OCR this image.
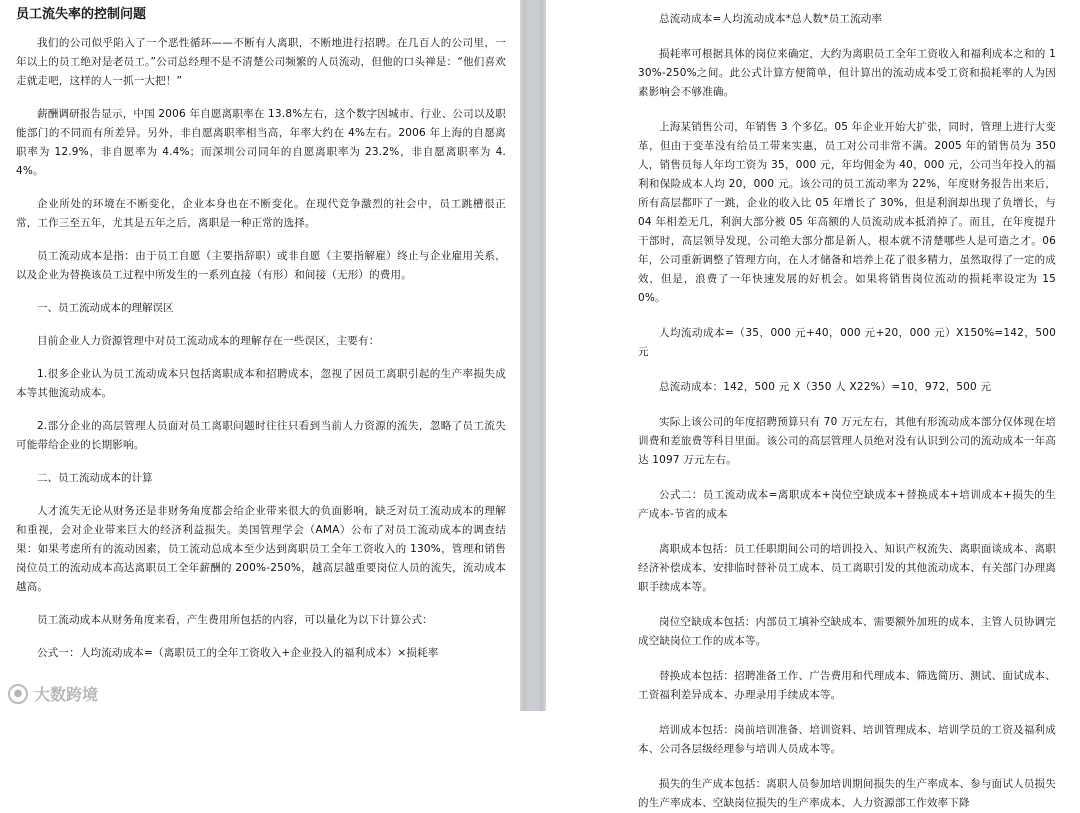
员工流失率的控制问题

我们的公司似乎陷入了一个恶性循环——不断有人离职，不断地进行招聘。在几百人的公司里，一年以上的员工绝对是老员工。”公司总经理不是不清楚公司频繁的人员流动，但他的口头禅是：“他们喜欢走就走吧，这样的人一抓一大把！”

薪酬调研报告显示，中国 2006 年自愿离职率在 13.8%左右，这个数字因城市、行业、公司以及职能部门的不同而有所差异。另外，非自愿离职率相当高，年率大约在 4%左右。2006 年上海的自愿离职率为 12.9%，非自愿率为 4.4%；而深圳公司同年的自愿离职率为 23.2%，非自愿离职率为 4.4%。

企业所处的环境在不断变化，企业本身也在不断变化。在现代竞争激烈的社会中，员工跳槽很正常，工作三至五年，尤其是五年之后，离职是一种正常的选择。

员工流动成本是指：由于员工自愿（主要指辞职）或非自愿（主要指解雇）终止与企业雇用关系，以及企业为替换该员工过程中所发生的一系列直接（有形）和间接（无形）的费用。

一、员工流动成本的理解误区

目前企业人力资源管理中对员工流动成本的理解存在一些误区，主要有：

1.很多企业认为员工流动成本只包括离职成本和招聘成本，忽视了因员工离职引起的生产率损失成本等其他流动成本。

2.部分企业的高层管理人员面对员工离职问题时往往只看到当前人力资源的流失，忽略了员工流失可能带给企业的长期影响。

二、员工流动成本的计算

人才流失无论从财务还是非财务角度都会给企业带来很大的负面影响，缺乏对员工流动成本的理解和重视，会对企业带来巨大的经济利益损失。美国管理学会（AMA）公布了对员工流动成本的调查结果：如果考虑所有的流动因素，员工流动总成本至少达到离职员工全年工资收入的 130%，管理和销售岗位员工的流动成本高达离职员工全年薪酬的 200%-250%，越高层越重要岗位人员的流失，流动成本越高。

员工流动成本从财务角度来看，产生费用所包括的内容，可以量化为以下计算公式：

公式一：人均流动成本=（离职员工的全年工资收入+企业投入的福利成本）×损耗率

总流动成本=人均流动成本*总人数*员工流动率

损耗率可根据具体的岗位来确定，大约为离职员工全年工资收入和福利成本之和的 130%-250%之间。此公式计算方便简单，但计算出的流动成本受工资和损耗率的人为因素影响会不够准确。

上海某销售公司，年销售 3 个多亿。05 年企业开始大扩张，同时，管理上进行大变革，但由于变革没有给员工带来实惠，员工对公司非常不满。2005 年的销售员为 350 人，销售员每人年均工资为 35，000 元，年均佣金为 40，000 元，公司当年投入的福利和保险成本人均 20，000 元。该公司的员工流动率为 22%，年度财务报告出来后，所有高层都吓了一跳，企业的收入比 05 年增长了 30%，但是利润却出现了负增长，与 04 年相差无几，利润大部分被 05 年高额的人员流动成本抵消掉了。而且，在年度提升干部时，高层领导发现，公司绝大部分都是新人，根本就不清楚哪些人是可造之才。06 年，公司重新调整了管理方向，在人才储备和培养上花了很多精力，虽然取得了一定的成效，但是，浪费了一年快速发展的好机会。如果将销售岗位流动的损耗率设定为 150%。

人均流动成本=（35，000 元+40，000 元+20，000 元）X150%=142，500 元

总流动成本：142，500 元 X（350 人 X22%）=10，972，500 元

实际上该公司的年度招聘预算只有 70 万元左右，其他有形流动成本部分仅体现在培训费和差旅费等科目里面。该公司的高层管理人员绝对没有认识到公司的流动成本一年高达 1097 万元左右。

公式二：员工流动成本=离职成本+岗位空缺成本+替换成本+培训成本+损失的生产成本-节省的成本

离职成本包括：员工任职期间公司的培训投入、知识产权流失、离职面谈成本、离职经济补偿成本、安排临时替补员工成本、员工离职引发的其他流动成本、有关部门办理离职手续成本等。

岗位空缺成本包括：内部员工填补空缺成本、需要额外加班的成本、主管人员协调完成空缺岗位工作的成本等。

替换成本包括：招聘准备工作、广告费用和代理成本、筛选简历、测试、面试成本、工资福利差异成本、办理录用手续成本等。

培训成本包括：岗前培训准备、培训资料、培训管理成本、培训学员的工资及福利成本、公司各层级经理参与培训人员成本等。

损失的生产成本包括：离职人员参加培训期间损失的生产率成本、参与面试人员损失的生产率成本、空缺岗位损失的生产率成本、人力资源部工作效率下降

● 大数跨境
